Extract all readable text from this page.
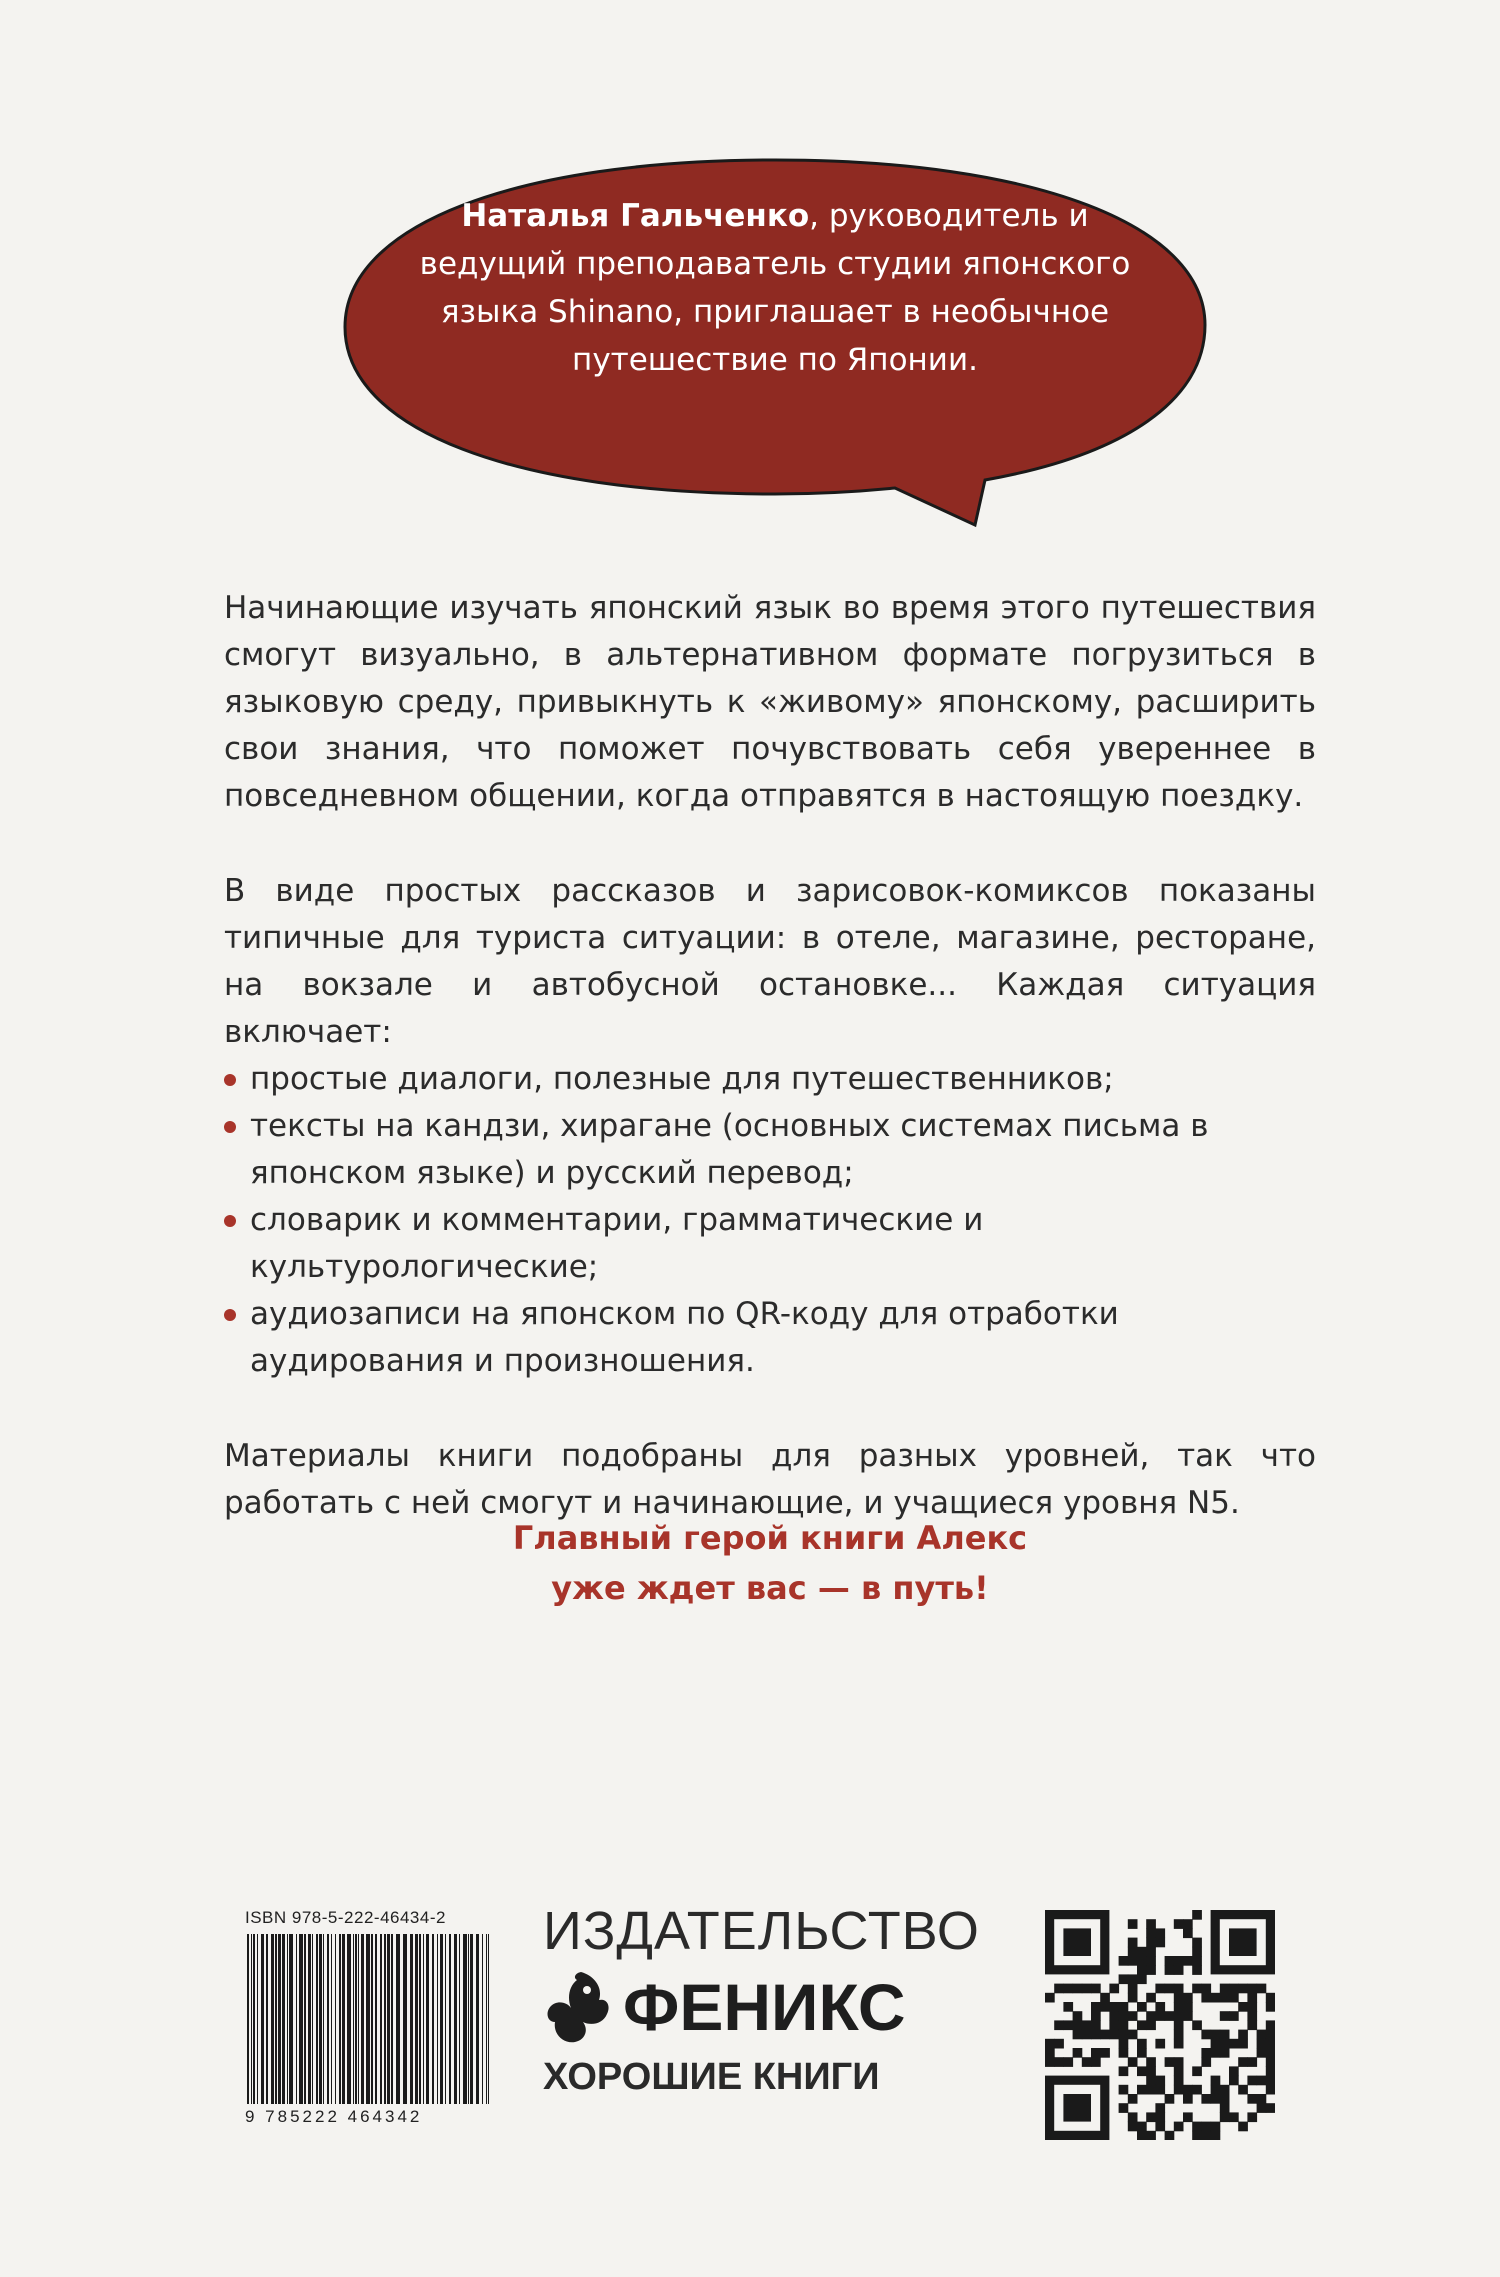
Наталья Гальченко, руководитель и ведущий преподаватель студии японского языка Shinano, приглашает в необычное путешествие по Японии.

Начинающие изучать японский язык во время этого путешествия смогут визуально, в альтернативном формате погрузиться в языковую среду, привыкнуть к «живому» японскому, расширить свои знания, что поможет почувствовать себя увереннее в повседневном общении, когда отправятся в настоящую поездку.

В виде простых рассказов и зарисовок-комиксов показаны типичные для туриста ситуации: в отеле, магазине, ресторане, на вокзале и автобусной остановке... Каждая ситуация включает:

простые диалоги, полезные для путешественников;
тексты на кандзи, хирагане (основных системах письма в японском языке) и русский перевод;
словарик и комментарии, грамматические и культурологические;
аудиозаписи на японском по QR-коду для отработки аудирования и произношения.

Материалы книги подобраны для разных уровней, так что работать с ней смогут и начинающие, и учащиеся уровня N5.

Главный герой книги Алекс
уже ждет вас — в путь!
ISBN 978-5-222-46434-2
9 785222 464342
ИЗДАТЕЛЬСТВО
ФЕНИКС
ХОРОШИЕ КНИГИ
